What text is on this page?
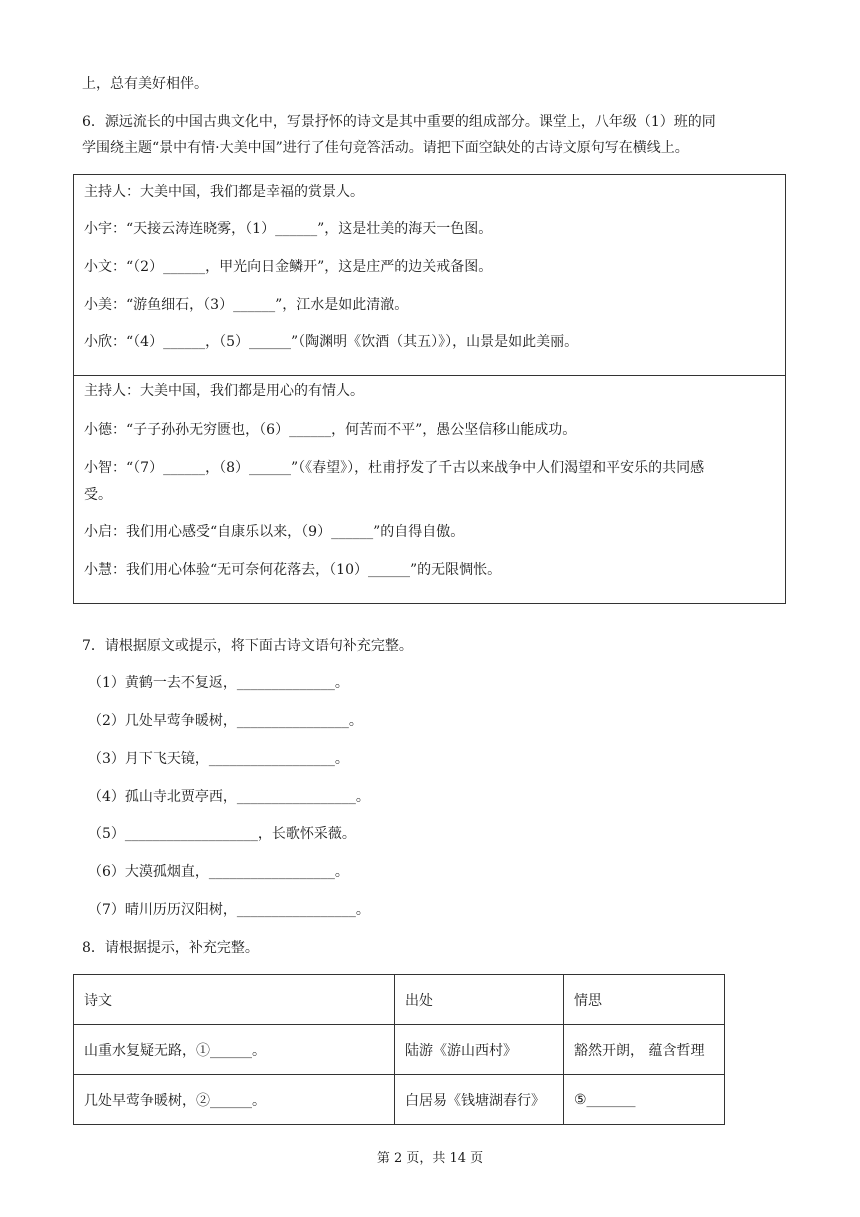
上，总有美好相伴。
6．源远流长的中国古典文化中，写景抒怀的诗文是其中重要的组成部分。课堂上，八年级（1）班的同
学围绕主题“景中有情·大美中国”进行了佳句竞答活动。请把下面空缺处的古诗文原句写在横线上。
主持人：大美中国，我们都是幸福的赏景人。
小宇：“天接云涛连晓雾，（1）______”，这是壮美的海天一色图。
小文：“（2）______，甲光向日金鳞开”，这是庄严的边关戒备图。
小美：“游鱼细石，（3）______”，江水是如此清澈。
小欣：“（4）______，（5）______”（陶渊明《饮酒（其五）》），山景是如此美丽。
主持人：大美中国，我们都是用心的有情人。
小德：“子子孙孙无穷匮也，（6）______，何苦而不平”，愚公坚信移山能成功。
小智：“（7）______，（8）______”（《春望》），杜甫抒发了千古以来战争中人们渴望和平安乐的共同感
受。
小启：我们用心感受“自康乐以来，（9）______”的自得自傲。
小慧：我们用心体验“无可奈何花落去，（10）______”的无限惆怅。
7．请根据原文或提示，将下面古诗文语句补充完整。
（1）黄鹤一去不复返，______________。
（2）几处早莺争暖树，________________。
（3）月下飞天镜，__________________。
（4）孤山寺北贾亭西，_________________。
（5）___________________，长歌怀采薇。
（6）大漠孤烟直，__________________。
（7）晴川历历汉阳树，_________________。
8．请根据提示，补充完整。
诗文	出处	情思
山重水复疑无路，①______。	陆游《游山西村》	豁然开朗， 蕴含哲理
几处早莺争暖树，②______。	白居易《钱塘湖春行》	⑤_______
第 2 页，共 14 页
